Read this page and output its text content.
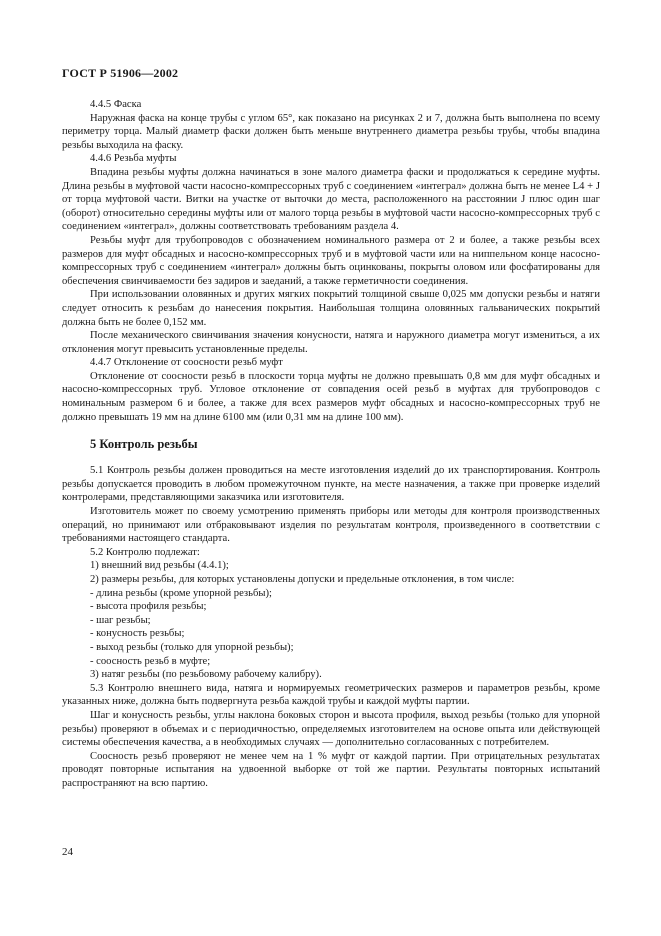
ГОСТ Р 51906—2002

4.4.5 Фаска

Наружная фаска на конце трубы с углом 65°, как показано на рисунках 2 и 7, должна быть выполнена по всему периметру торца. Малый диаметр фаски должен быть меньше внутреннего диаметра резьбы трубы, чтобы впадина резьбы выходила на фаску.

4.4.6 Резьба муфты

Впадина резьбы муфты должна начинаться в зоне малого диаметра фаски и продолжаться к середине муфты. Длина резьбы в муфтовой части насосно-компрессорных труб с соединением «интеграл» должна быть не менее L4 + J от торца муфтовой части. Витки на участке от выточки до места, расположенного на расстоянии J плюс один шаг (оборот) относительно середины муфты или от малого торца резьбы в муфтовой части насосно-компрессорных труб с соединением «интеграл», должны соответствовать требованиям раздела 4.

Резьбы муфт для трубопроводов с обозначением номинального размера от 2 и более, а также резьбы всех размеров для муфт обсадных и насосно-компрессорных труб и в муфтовой части или на ниппельном конце насосно-компрессорных труб с соединением «интеграл» должны быть оцинкованы, покрыты оловом или фосфатированы для обеспечения свинчиваемости без задиров и заеданий, а также герметичности соединения.

При использовании оловянных и других мягких покрытий толщиной свыше 0,025 мм допуски резьбы и натяги следует относить к резьбам до нанесения покрытия. Наибольшая толщина оловянных гальванических покрытий должна быть не более 0,152 мм.

После механического свинчивания значения конусности, натяга и наружного диаметра могут измениться, а их отклонения могут превысить установленные пределы.

4.4.7 Отклонение от соосности резьб муфт

Отклонение от соосности резьб в плоскости торца муфты не должно превышать 0,8 мм для муфт обсадных и насосно-компрессорных труб. Угловое отклонение от совпадения осей резьб в муфтах для трубопроводов с номинальным размером 6 и более, а также для всех размеров муфт обсадных и насосно-компрессорных труб не должно превышать 19 мм на длине 6100 мм (или 0,31 мм на длине 100 мм).

5 Контроль резьбы

5.1 Контроль резьбы должен проводиться на месте изготовления изделий до их транспортирования. Контроль резьбы допускается проводить в любом промежуточном пункте, на месте назначения, а также при проверке изделий контролерами, представляющими заказчика или изготовителя.

Изготовитель может по своему усмотрению применять приборы или методы для контроля производственных операций, но принимают или отбраковывают изделия по результатам контроля, произведенного в соответствии с требованиями настоящего стандарта.

5.2 Контролю подлежат:

1) внешний вид резьбы (4.4.1);

2) размеры резьбы, для которых установлены допуски и предельные отклонения, в том числе:

- длина резьбы (кроме упорной резьбы);

- высота профиля резьбы;

- шаг резьбы;

- конусность резьбы;

- выход резьбы (только для упорной резьбы);

- соосность резьб в муфте;

3) натяг резьбы (по резьбовому рабочему калибру).

5.3 Контролю внешнего вида, натяга и нормируемых геометрических размеров и параметров резьбы, кроме указанных ниже, должна быть подвергнута резьба каждой трубы и каждой муфты партии.

Шаг и конусность резьбы, углы наклона боковых сторон и высота профиля, выход резьбы (только для упорной резьбы) проверяют в объемах и с периодичностью, определяемых изготовителем на основе опыта или действующей системы обеспечения качества, а в необходимых случаях — дополнительно согласованных с потребителем.

Соосность резьб проверяют не менее чем на 1 % муфт от каждой партии. При отрицательных результатах проводят повторные испытания на удвоенной выборке от той же партии. Результаты повторных испытаний распространяют на всю партию.

24
